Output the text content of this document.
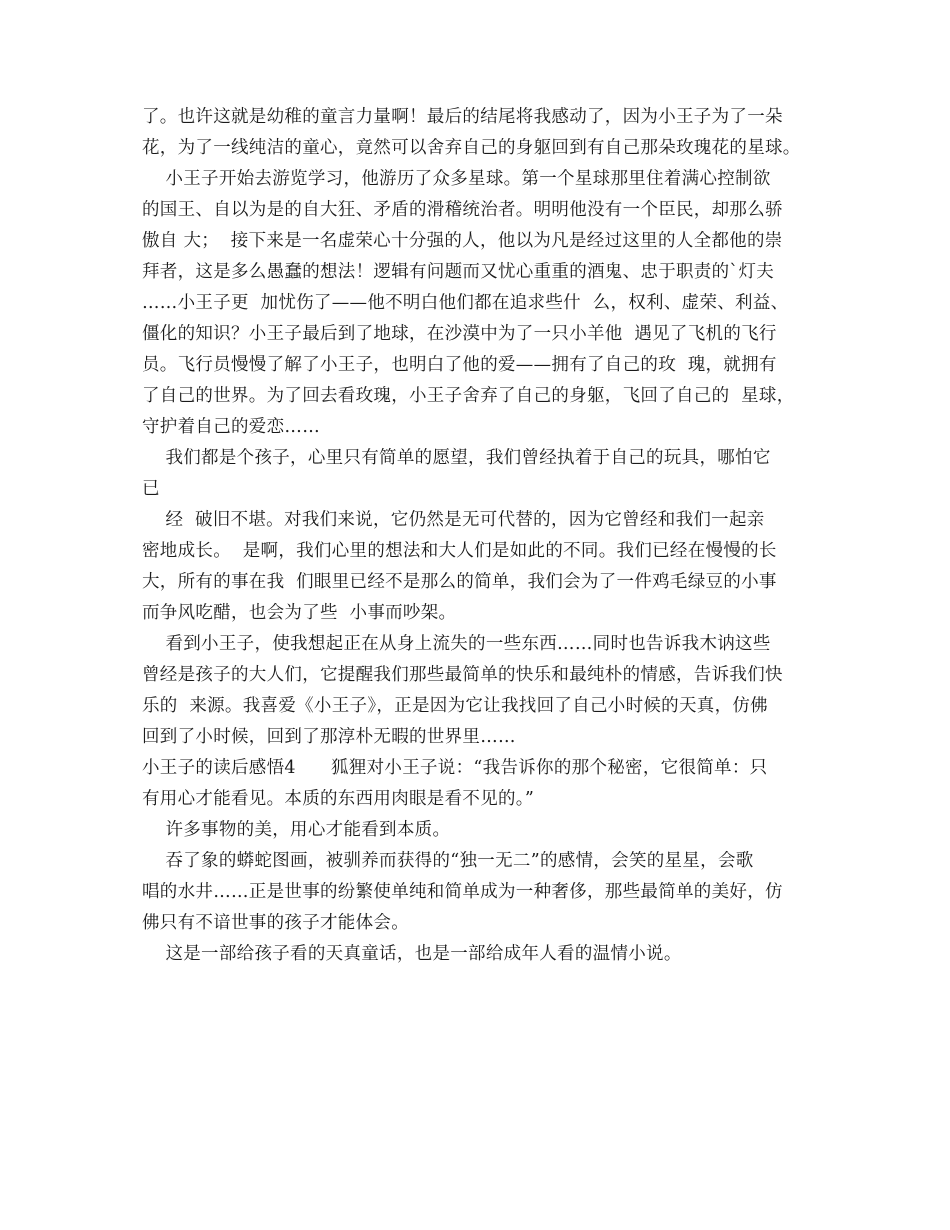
了。也许这就是幼稚的童言力量啊！最后的结尾将我感动了，因为小王子为了一朵
花，为了一线纯洁的童心，竟然可以舍弃自己的身躯回到有自己那朵玫瑰花的星球。
小王子开始去游览学习，他游历了众多星球。第一个星球那里住着满心控制欲
的国王、自以为是的自大狂、矛盾的滑稽统治者。明明他没有一个臣民，却那么骄
傲自 大；  接下来是一名虚荣心十分强的人，他以为凡是经过这里的人全都他的崇
拜者，这是多么愚蠢的想法！逻辑有问题而又忧心重重的酒鬼、忠于职责的`灯夫
……小王子更  加忧伤了——他不明白他们都在追求些什  么，权利、虚荣、利益、
僵化的知识？小王子最后到了地球，在沙漠中为了一只小羊他  遇见了飞机的飞行
员。飞行员慢慢了解了小王子，也明白了他的爱——拥有了自己的玫  瑰，就拥有
了自己的世界。为了回去看玫瑰，小王子舍弃了自己的身躯，飞回了自己的  星球，
守护着自己的爱恋……
我们都是个孩子，心里只有简单的愿望，我们曾经执着于自己的玩具，哪怕它
已
经  破旧不堪。对我们来说，它仍然是无可代替的，因为它曾经和我们一起亲
密地成长。  是啊，我们心里的想法和大人们是如此的不同。我们已经在慢慢的长
大，所有的事在我  们眼里已经不是那么的简单，我们会为了一件鸡毛绿豆的小事
而争风吃醋，也会为了些  小事而吵架。
看到小王子，使我想起正在从身上流失的一些东西……同时也告诉我木讷这些
曾经是孩子的大人们，它提醒我们那些最简单的快乐和最纯朴的情感，告诉我们快
乐的  来源。我喜爱《小王子》，正是因为它让我找回了自己小时候的天真，仿佛
回到了小时候，回到了那淳朴无暇的世界里……
小王子的读后感悟4      狐狸对小王子说：“我告诉你的那个秘密，它很简单：只
有用心才能看见。本质的东西用肉眼是看不见的。”
许多事物的美，用心才能看到本质。
吞了象的蟒蛇图画，被驯养而获得的“独一无二”的感情，会笑的星星，会歌
唱的水井……正是世事的纷繁使单纯和简单成为一种奢侈，那些最简单的美好，仿
佛只有不谙世事的孩子才能体会。
这是一部给孩子看的天真童话，也是一部给成年人看的温情小说。
